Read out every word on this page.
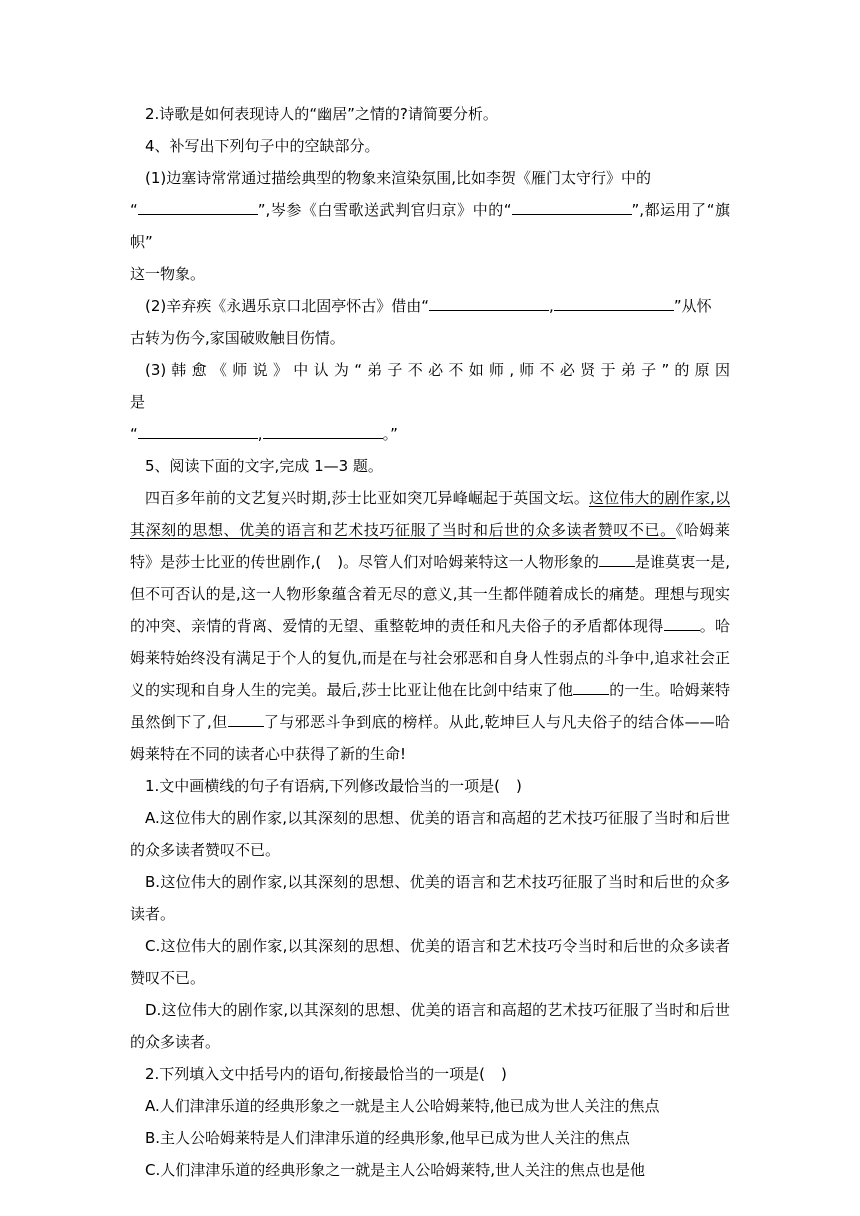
2.诗歌是如何表现诗人的“幽居”之情的?请简要分析。

4、补写出下列句子中的空缺部分。

(1)边塞诗常常通过描绘典型的物象来渲染氛围,比如李贺《雁门太守行》中的
“	”,岑参《白雪歌送武判官归京》中的“	”,都运用了“旗帜”
这一物象。

(2)辛弃疾《永遇乐京口北固亭怀古》借由“	,	”从怀
古转为伤今,家国破败触目伤情。

(3) 韩 愈 《 师 说 》 中 认 为 “ 弟 子 不 必 不 如 师 , 师 不 必 贤 于 弟 子 ” 的 原 因 是
“	,	。”

5、阅读下面的文字,完成 1—3 题。

四百多年前的文艺复兴时期,莎士比亚如突兀异峰崛起于英国文坛。这位伟大的剧作家,以其深刻的思想、优美的语言和艺术技巧征服了当时和后世的众多读者赞叹不已。《哈姆莱特》是莎士比亚的传世剧作,( )。尽管人们对哈姆莱特这一人物形象的 是谁莫衷一是,但不可否认的是,这一人物形象蕴含着无尽的意义,其一生都伴随着成长的痛楚。理想与现实的冲突、亲情的背离、爱情的无望、重整乾坤的责任和凡夫俗子的矛盾都体现得 。哈姆莱特始终没有满足于个人的复仇,而是在与社会邪恶和自身人性弱点的斗争中,追求社会正义的实现和自身人生的完美。最后,莎士比亚让他在比剑中结束了他 的一生。哈姆莱特虽然倒下了,但 了与邪恶斗争到底的榜样。从此,乾坤巨人与凡夫俗子的结合体——哈姆莱特在不同的读者心中获得了新的生命!

1.文中画横线的句子有语病,下列修改最恰当的一项是( )

A.这位伟大的剧作家,以其深刻的思想、优美的语言和高超的艺术技巧征服了当时和后世的众多读者赞叹不已。

B.这位伟大的剧作家,以其深刻的思想、优美的语言和艺术技巧征服了当时和后世的众多读者。

C.这位伟大的剧作家,以其深刻的思想、优美的语言和艺术技巧令当时和后世的众多读者赞叹不已。

D.这位伟大的剧作家,以其深刻的思想、优美的语言和高超的艺术技巧征服了当时和后世的众多读者。

2.下列填入文中括号内的语句,衔接最恰当的一项是( )

A.人们津津乐道的经典形象之一就是主人公哈姆莱特,他已成为世人关注的焦点

B.主人公哈姆莱特是人们津津乐道的经典形象,他早已成为世人关注的焦点

C.人们津津乐道的经典形象之一就是主人公哈姆莱特,世人关注的焦点也是他
